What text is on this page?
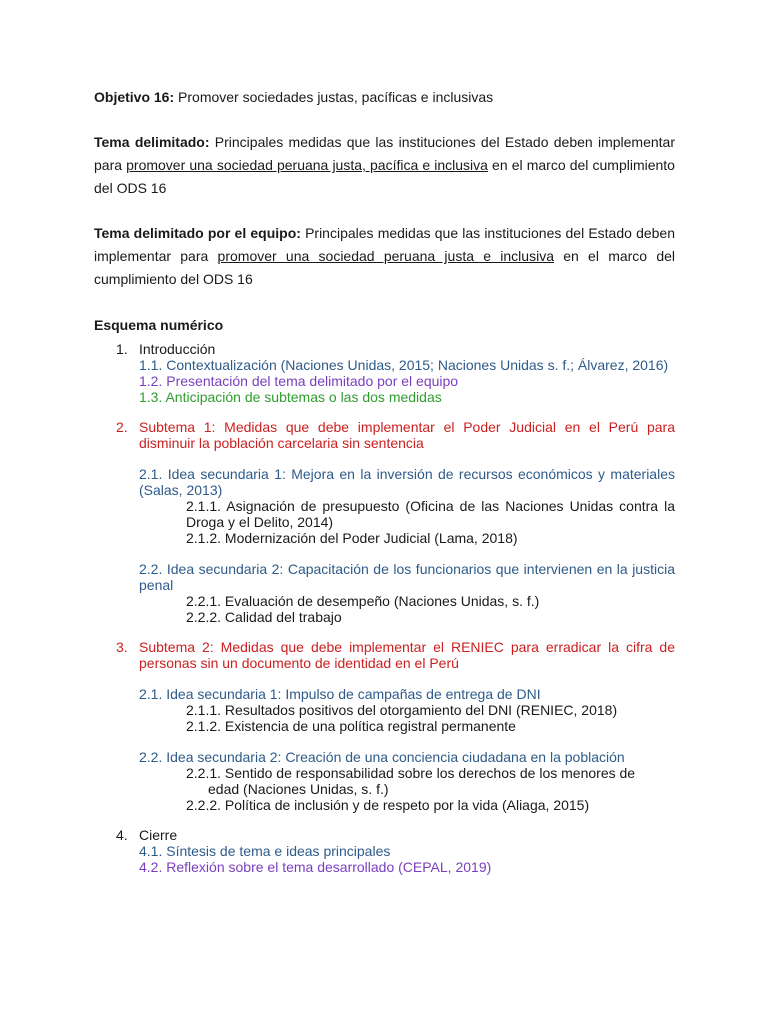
Objetivo 16: Promover sociedades justas, pacíficas e inclusivas

Tema delimitado: Principales medidas que las instituciones del Estado deben implementar para promover una sociedad peruana justa, pacífica e inclusiva en el marco del cumplimiento del ODS 16

Tema delimitado por el equipo: Principales medidas que las instituciones del Estado deben implementar para promover una sociedad peruana justa e inclusiva en el marco del cumplimiento del ODS 16

Esquema numérico

1. Introducción
1.1. Contextualización (Naciones Unidas, 2015; Naciones Unidas s. f.; Álvarez, 2016)
1.2. Presentación del tema delimitado por el equipo
1.3. Anticipación de subtemas o las dos medidas
2. Subtema 1: Medidas que debe implementar el Poder Judicial en el Perú para disminuir la población carcelaria sin sentencia
2.1. Idea secundaria 1: Mejora en la inversión de recursos económicos y materiales (Salas, 2013)
2.1.1. Asignación de presupuesto (Oficina de las Naciones Unidas contra la Droga y el Delito, 2014)
2.1.2. Modernización del Poder Judicial (Lama, 2018)
2.2. Idea secundaria 2: Capacitación de los funcionarios que intervienen en la justicia penal
2.2.1. Evaluación de desempeño (Naciones Unidas, s. f.)
2.2.2. Calidad del trabajo
3. Subtema 2: Medidas que debe implementar el RENIEC para erradicar la cifra de personas sin un documento de identidad en el Perú
2.1. Idea secundaria 1: Impulso de campañas de entrega de DNI
2.1.1. Resultados positivos del otorgamiento del DNI (RENIEC, 2018)
2.1.2. Existencia de una política registral permanente
2.2. Idea secundaria 2: Creación de una conciencia ciudadana en la población
2.2.1. Sentido de responsabilidad sobre los derechos de los menores de
edad (Naciones Unidas, s. f.)
2.2.2. Política de inclusión y de respeto por la vida (Aliaga, 2015)
4. Cierre
4.1. Síntesis de tema e ideas principales
4.2. Reflexión sobre el tema desarrollado (CEPAL, 2019)
